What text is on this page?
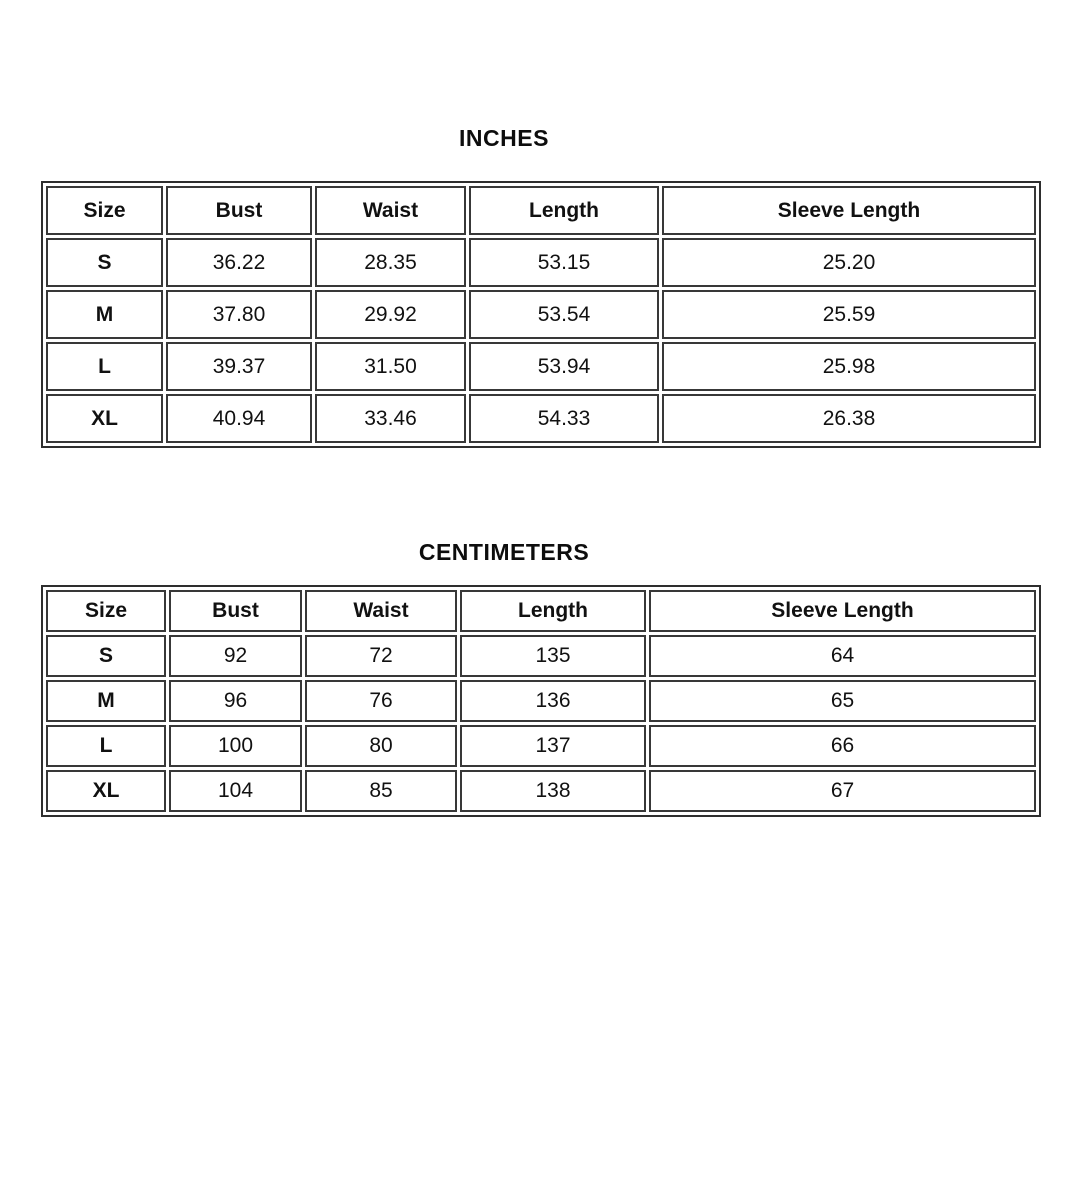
INCHES
Size	Bust	Waist	Length	Sleeve Length
S	36.22	28.35	53.15	25.20
M	37.80	29.92	53.54	25.59
L	39.37	31.50	53.94	25.98
XL	40.94	33.46	54.33	26.38
CENTIMETERS
Size	Bust	Waist	Length	Sleeve Length
S	92	72	135	64
M	96	76	136	65
L	100	80	137	66
XL	104	85	138	67
